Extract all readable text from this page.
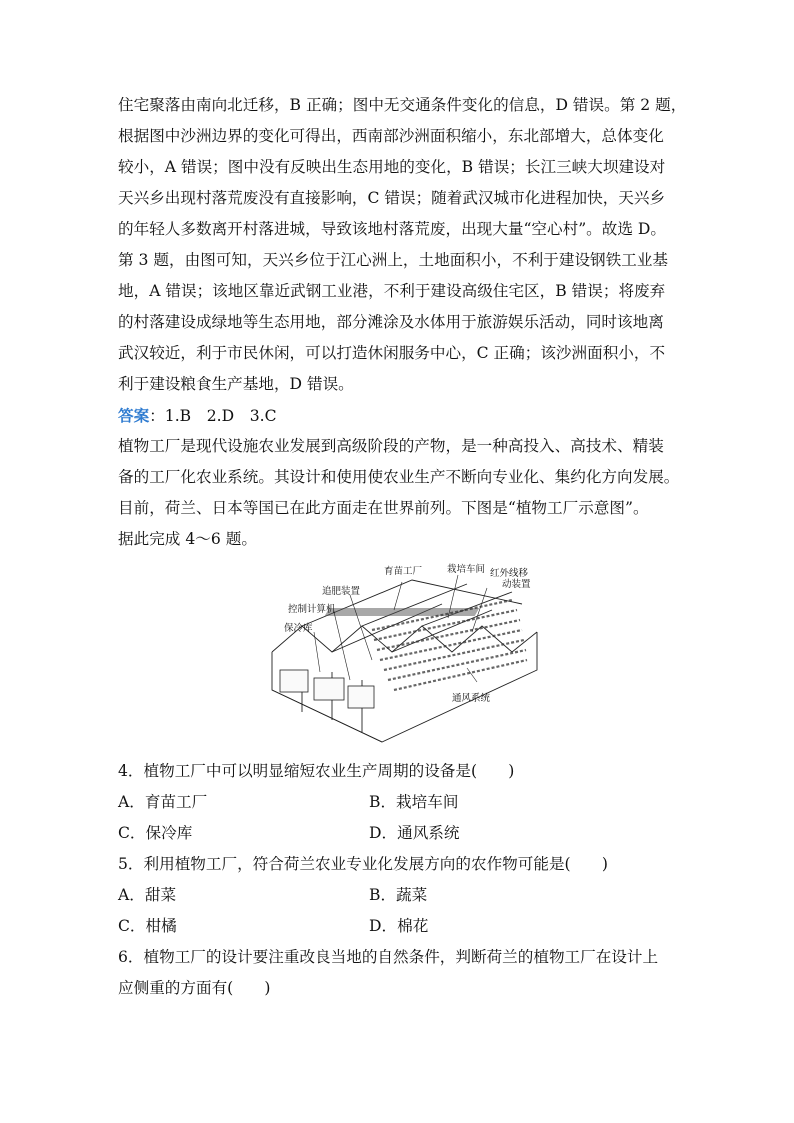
住宅聚落由南向北迁移，B 正确；图中无交通条件变化的信息，D 错误。第 2 题，
根据图中沙洲边界的变化可得出，西南部沙洲面积缩小，东北部增大，总体变化
较小，A 错误；图中没有反映出生态用地的变化，B 错误；长江三峡大坝建设对
天兴乡出现村落荒废没有直接影响，C 错误；随着武汉城市化进程加快，天兴乡
的年轻人多数离开村落进城，导致该地村落荒废，出现大量“空心村”。故选 D。
第 3 题，由图可知，天兴乡位于江心洲上，土地面积小，不利于建设钢铁工业基
地，A 错误；该地区靠近武钢工业港，不利于建设高级住宅区，B 错误；将废弃
的村落建设成绿地等生态用地，部分滩涂及水体用于旅游娱乐活动，同时该地离
武汉较近，利于市民休闲，可以打造休闲服务中心，C 正确；该沙洲面积小，不
利于建设粮食生产基地，D 错误。
答案：1.B　2.D　3.C
植物工厂是现代设施农业发展到高级阶段的产物，是一种高投入、高技术、精装
备的工厂化农业系统。其设计和使用使农业生产不断向专业化、集约化方向发展。
目前，荷兰、日本等国已在此方面走在世界前列。下图是“植物工厂示意图”。
据此完成 4～6 题。
育苗工厂	栽培车间 红外线移
动装置
追肥装置
控制计算机
保冷库
通风系统
4．植物工厂中可以明显缩短农业生产周期的设备是(　　)
A．育苗工厂	B．栽培车间
C．保冷库	D．通风系统
5．利用植物工厂，符合荷兰农业专业化发展方向的农作物可能是(　　)
A．甜菜	B．蔬菜
C．柑橘	D．棉花
6．植物工厂的设计要注重改良当地的自然条件，判断荷兰的植物工厂在设计上
应侧重的方面有(　　)
